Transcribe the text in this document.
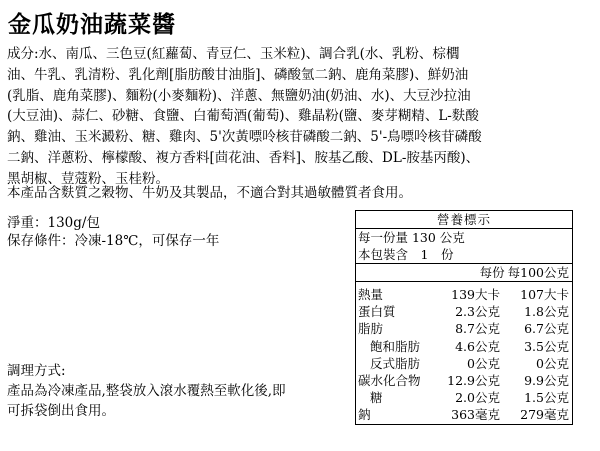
金瓜奶油蔬菜醬
成分:水、南瓜、三色豆(紅蘿蔔、青豆仁、玉米粒)、調合乳(水、乳粉、棕櫚
油、牛乳、乳清粉、乳化劑[脂肪酸甘油脂]、磷酸氫二鈉、鹿角菜膠)、鮮奶油
(乳脂、鹿角菜膠)、麵粉(小麥麵粉)、洋蔥、無鹽奶油(奶油、水)、大豆沙拉油
(大豆油)、蒜仁、砂糖、食鹽、白葡萄酒(葡萄)、雞晶粉(鹽、麥芽糊精、L-麩酸
鈉、雞油、玉米澱粉、糖、雞肉、5'次黃嘌呤核苷磷酸二鈉、5'-鳥嘌呤核苷磷酸
二鈉、洋蔥粉、檸檬酸、複方香料[茴花油、香料]、胺基乙酸、DL-胺基丙酸)、
黑胡椒、荳蔻粉、玉桂粉。
本產品含麩質之穀物、牛奶及其製品，不適合對其過敏體質者食用。
淨重：130g/包
保存條件：冷凍-18℃，可保存一年
調理方式:
產品為冷凍產品,整袋放入滾水覆熱至軟化後,即
可拆袋倒出食用。
營養標示
每一份量 130 公克
本包裝含　1　份
每份 每100公克
熱量	139大卡	107大卡
蛋白質	2.3公克	1.8公克
脂肪	8.7公克	6.7公克
飽和脂肪	4.6公克	3.5公克
反式脂肪	0公克	0公克
碳水化合物	12.9公克	9.9公克
糖	2.0公克	1.5公克
鈉	363毫克	279毫克
